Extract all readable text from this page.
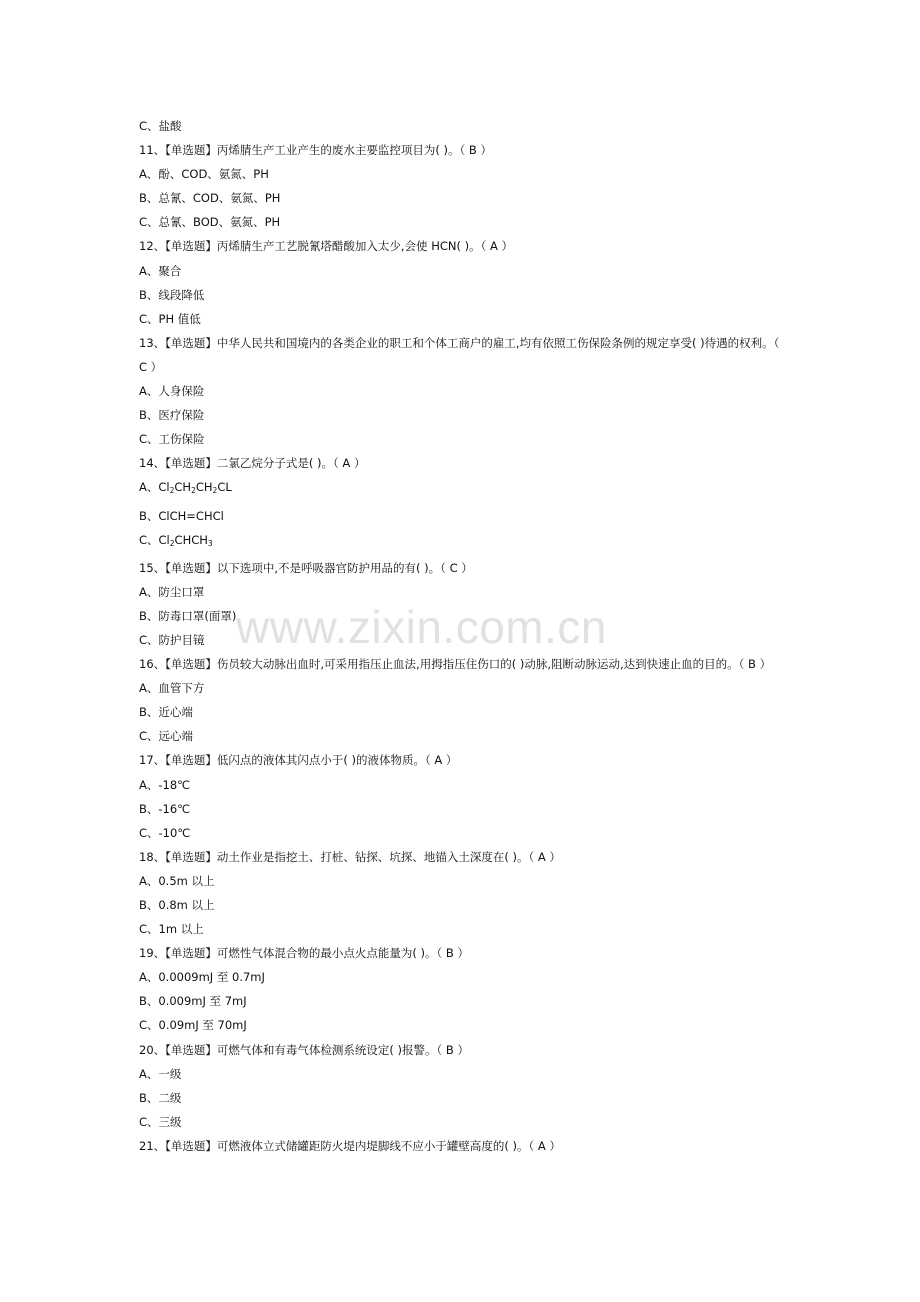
www.zixin.com.cn
C、盐酸
11、【单选题】丙烯腈生产工业产生的废水主要监控项目为( )。（ B ）
A、酚、COD、氨氮、PH
B、总氰、COD、氨氮、PH
C、总氰、BOD、氨氮、PH
12、【单选题】丙烯腈生产工艺脱氰塔醋酸加入太少,会使 HCN( )。（ A ）
A、聚合
B、线段降低
C、PH 值低
13、【单选题】中华人民共和国境内的各类企业的职工和个体工商户的雇工,均有依照工伤保险条例的规定享受( )待遇的权利。（ C ）
A、人身保险
B、医疗保险
C、工伤保险
14、【单选题】二氯乙烷分子式是( )。（ A ）
A、$Cl_2CH_2CH_2CL$
B、ClCH=CHCl
C、$Cl_2CHCH_3$
15、【单选题】以下选项中,不是呼吸器官防护用品的有( )。（ C ）
A、防尘口罩
B、防毒口罩(面罩)
C、防护目镜
16、【单选题】伤员较大动脉出血时,可采用指压止血法,用拇指压住伤口的( )动脉,阻断动脉运动,达到快速止血的目的。（ B ）
A、血管下方
B、近心端
C、远心端
17、【单选题】低闪点的液体其闪点小于( )的液体物质。（ A ）
A、-18℃
B、-16℃
C、-10℃
18、【单选题】动土作业是指挖土、打桩、钻探、坑探、地锚入土深度在( )。（ A ）
A、0.5m 以上
B、0.8m 以上
C、1m 以上
19、【单选题】可燃性气体混合物的最小点火点能量为( )。（ B ）
A、0.0009mJ 至 0.7mJ
B、0.009mJ 至 7mJ
C、0.09mJ 至 70mJ
20、【单选题】可燃气体和有毒气体检测系统设定( )报警。（ B ）
A、一级
B、二级
C、三级
21、【单选题】可燃液体立式储罐距防火堤内堤脚线不应小于罐壁高度的( )。（ A ）
